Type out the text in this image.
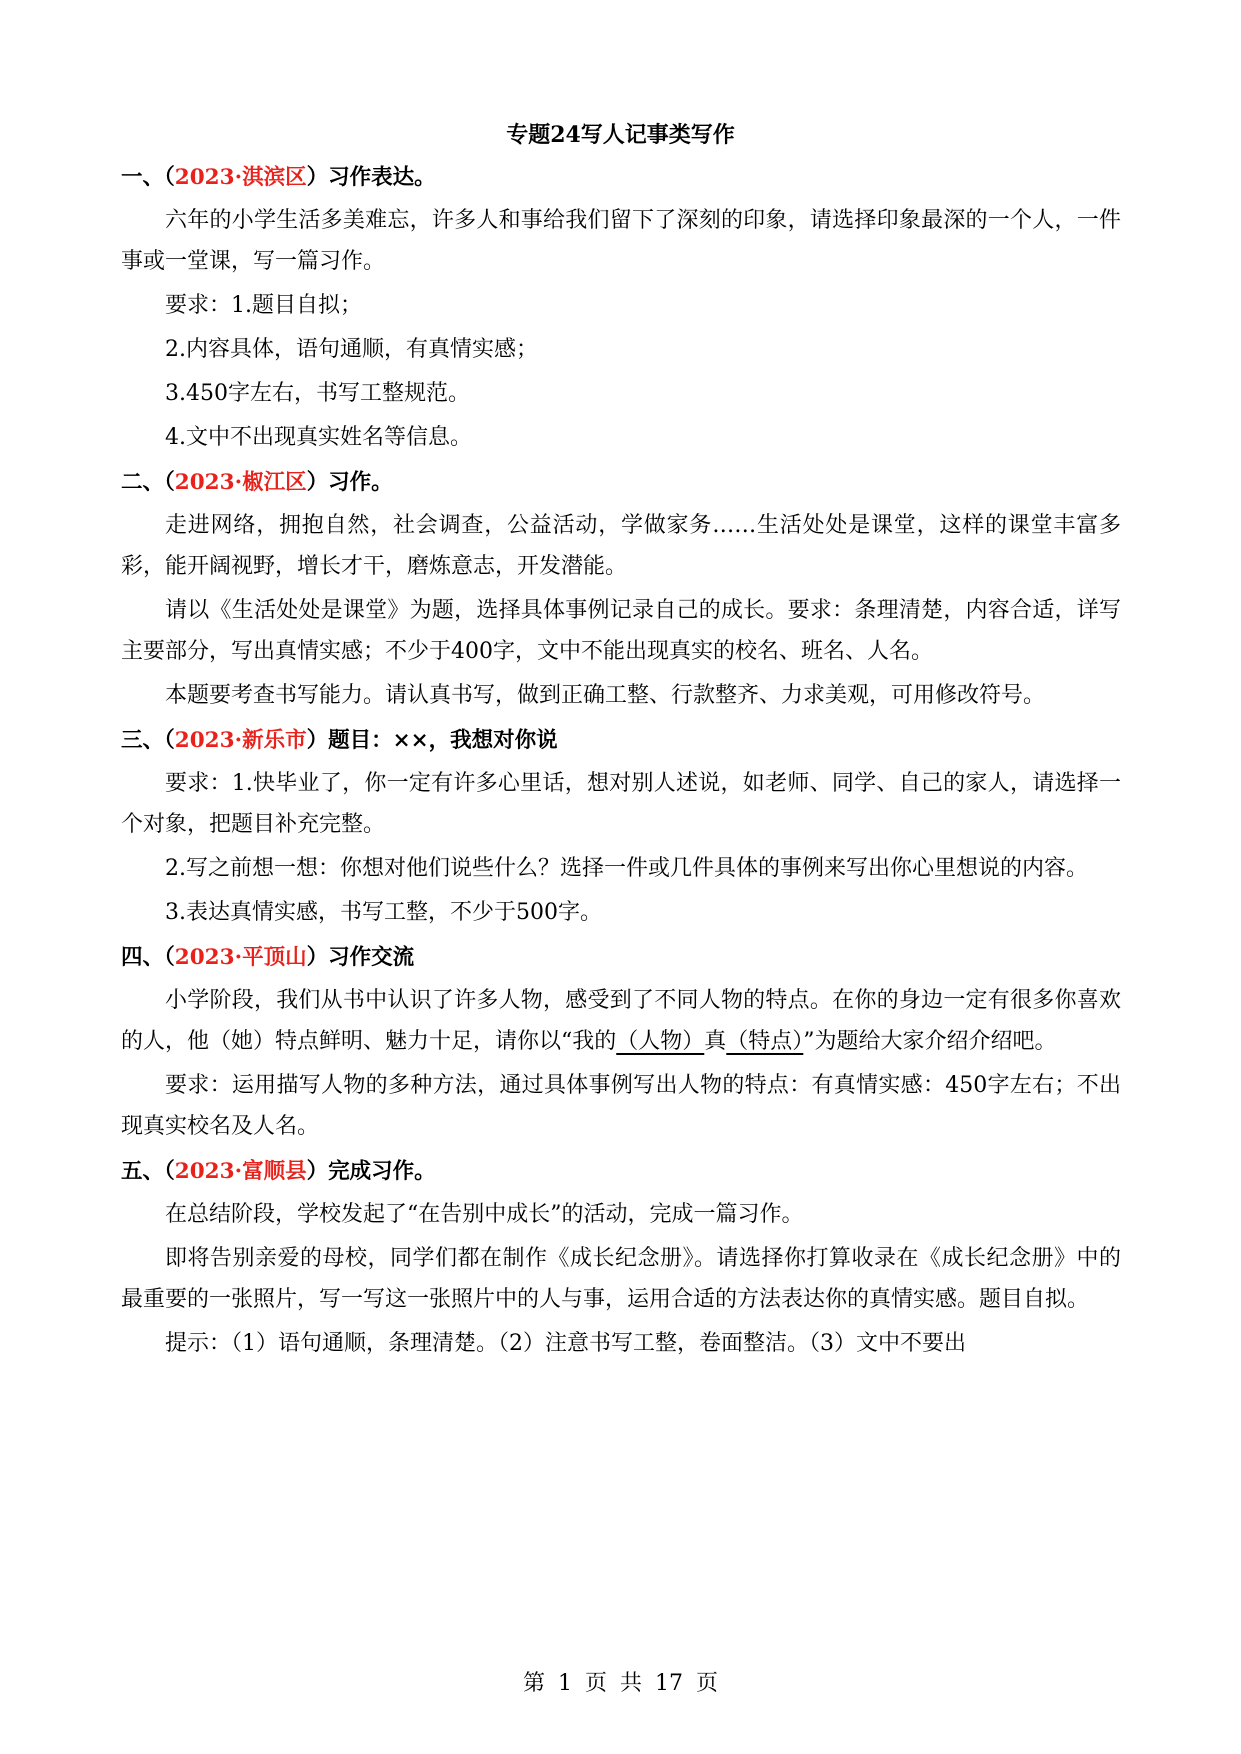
专题24写人记事类写作
一、（2023·淇滨区）习作表达。

六年的小学生活多美难忘，许多人和事给我们留下了深刻的印象，请选择印象最深的一个人，一件事或一堂课，写一篇习作。

要求：1.题目自拟；
2.内容具体，语句通顺，有真情实感；
3.450字左右，书写工整规范。
4.文中不出现真实姓名等信息。
二、（2023·椒江区）习作。

走进网络，拥抱自然，社会调查，公益活动，学做家务……生活处处是课堂，这样的课堂丰富多彩，能开阔视野，增长才干，磨炼意志，开发潜能。

请以《生活处处是课堂》为题，选择具体事例记录自己的成长。要求：条理清楚，内容合适，详写主要部分，写出真情实感；不少于400字，文中不能出现真实的校名、班名、人名。

本题要考查书写能力。请认真书写，做到正确工整、行款整齐、力求美观，可用修改符号。

三、（2023·新乐市）题目：××，我想对你说

要求：1.快毕业了，你一定有许多心里话，想对别人述说，如老师、同学、自己的家人，请选择一个对象，把题目补充完整。

2.写之前想一想：你想对他们说些什么？选择一件或几件具体的事例来写出你心里想说的内容。

3.表达真情实感，书写工整，不少于500字。
四、（2023·平顶山）习作交流

小学阶段，我们从书中认识了许多人物，感受到了不同人物的特点。在你的身边一定有很多你喜欢的人，他（她）特点鲜明、魅力十足，请你以“我的（人物）真（特点）”为题给大家介绍介绍吧。

要求：运用描写人物的多种方法，通过具体事例写出人物的特点：有真情实感：450字左右；不出现真实校名及人名。

五、（2023·富顺县）完成习作。
在总结阶段，学校发起了“在告别中成长”的活动，完成一篇习作。

即将告别亲爱的母校，同学们都在制作《成长纪念册》。请选择你打算收录在《成长纪念册》中的最重要的一张照片，写一写这一张照片中的人与事，运用合适的方法表达你的真情实感。题目自拟。

提示：（1）语句通顺，条理清楚。（2）注意书写工整，卷面整洁。（3）文中不要出
第 1 页 共 17 页
